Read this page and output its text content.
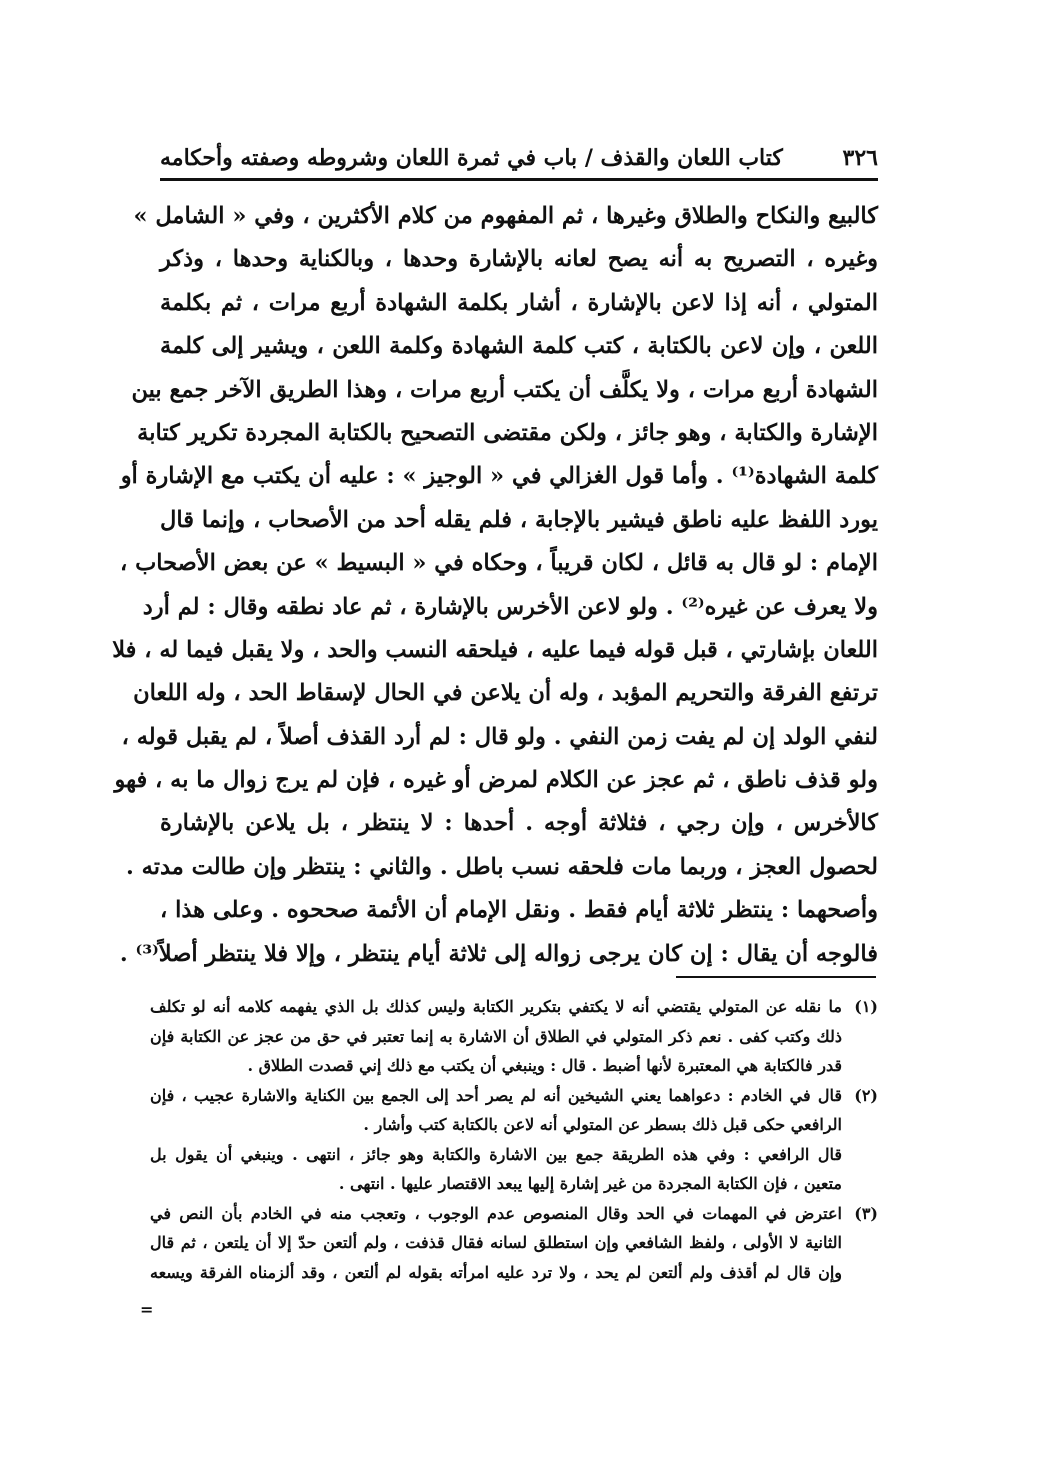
٣٢٦
كتاب اللعان والقذف / باب في ثمرة اللعان وشروطه وصفته وأحكامه
كالبيع والنكاح والطلاق وغيرها ، ثم المفهوم من كلام الأكثرين ، وفي « الشامل »
وغيره ، التصريح به أنه يصح لعانه بالإشارة وحدها ، وبالكناية وحدها ، وذكر
المتولي ، أنه إذا لاعن بالإشارة ، أشار بكلمة الشهادة أربع مرات ، ثم بكلمة
اللعن ، وإن لاعن بالكتابة ، كتب كلمة الشهادة وكلمة اللعن ، ويشير إلى كلمة
الشهادة أربع مرات ، ولا يكلَّف أن يكتب أربع مرات ، وهذا الطريق الآخر جمع بين
الإشارة والكتابة ، وهو جائز ، ولكن مقتضى التصحيح بالكتابة المجردة تكرير كتابة
كلمة الشهادة⁽¹⁾ . وأما قول الغزالي في « الوجيز » : عليه أن يكتب مع الإشارة أو
يورد اللفظ عليه ناطق فيشير بالإجابة ، فلم يقله أحد من الأصحاب ، وإنما قال
الإمام : لو قال به قائل ، لكان قريباً ، وحكاه في « البسيط » عن بعض الأصحاب ،
ولا يعرف عن غيره⁽²⁾ . ولو لاعن الأخرس بالإشارة ، ثم عاد نطقه وقال : لم أرد
اللعان بإشارتي ، قبل قوله فيما عليه ، فيلحقه النسب والحد ، ولا يقبل فيما له ، فلا
ترتفع الفرقة والتحريم المؤبد ، وله أن يلاعن في الحال لإسقاط الحد ، وله اللعان
لنفي الولد إن لم يفت زمن النفي . ولو قال : لم أرد القذف أصلاً ، لم يقبل قوله ،
ولو قذف ناطق ، ثم عجز عن الكلام لمرض أو غيره ، فإن لم يرج زوال ما به ، فهو
كالأخرس ، وإن رجي ، فثلاثة أوجه . أحدها : لا ينتظر ، بل يلاعن بالإشارة
لحصول العجز ، وربما مات فلحقه نسب باطل . والثاني : ينتظر وإن طالت مدته .
وأصحهما : ينتظر ثلاثة أيام فقط . ونقل الإمام أن الأئمة صححوه . وعلى هذا ،
فالوجه أن يقال : إن كان يرجى زواله إلى ثلاثة أيام ينتظر ، وإلا فلا ينتظر أصلاً⁽³⁾ .
(١)
ما نقله عن المتولي يقتضي أنه لا يكتفي بتكرير الكتابة وليس كذلك بل الذي يفهمه كلامه أنه لو تكلف
ذلك وكتب كفى . نعم ذكر المتولي في الطلاق أن الاشارة به إنما تعتبر في حق من عجز عن الكتابة فإن
قدر فالكتابة هي المعتبرة لأنها أضبط . قال : وينبغي أن يكتب مع ذلك إني قصدت الطلاق .
(٢)
قال في الخادم : دعواهما يعني الشيخين أنه لم يصر أحد إلى الجمع بين الكناية والاشارة عجيب ، فإن
الرافعي حكى قبل ذلك بسطر عن المتولي أنه لاعن بالكتابة كتب وأشار .
قال الرافعي : وفي هذه الطريقة جمع بين الاشارة والكتابة وهو جائز ، انتهى . وينبغي أن يقول بل
متعين ، فإن الكتابة المجردة من غير إشارة إليها يبعد الاقتصار عليها . انتهى .
(٣)
اعترض في المهمات في الحد وقال المنصوص عدم الوجوب ، وتعجب منه في الخادم بأن النص في
الثانية لا الأولى ، ولفظ الشافعي وإن استطلق لسانه فقال قذفت ، ولم ألتعن حدّ إلا أن يلتعن ، ثم قال
وإن قال لم أقذف ولم ألتعن لم يحد ، ولا ترد عليه امرأته بقوله لم ألتعن ، وقد ألزمناه الفرقة ويسعه
=
